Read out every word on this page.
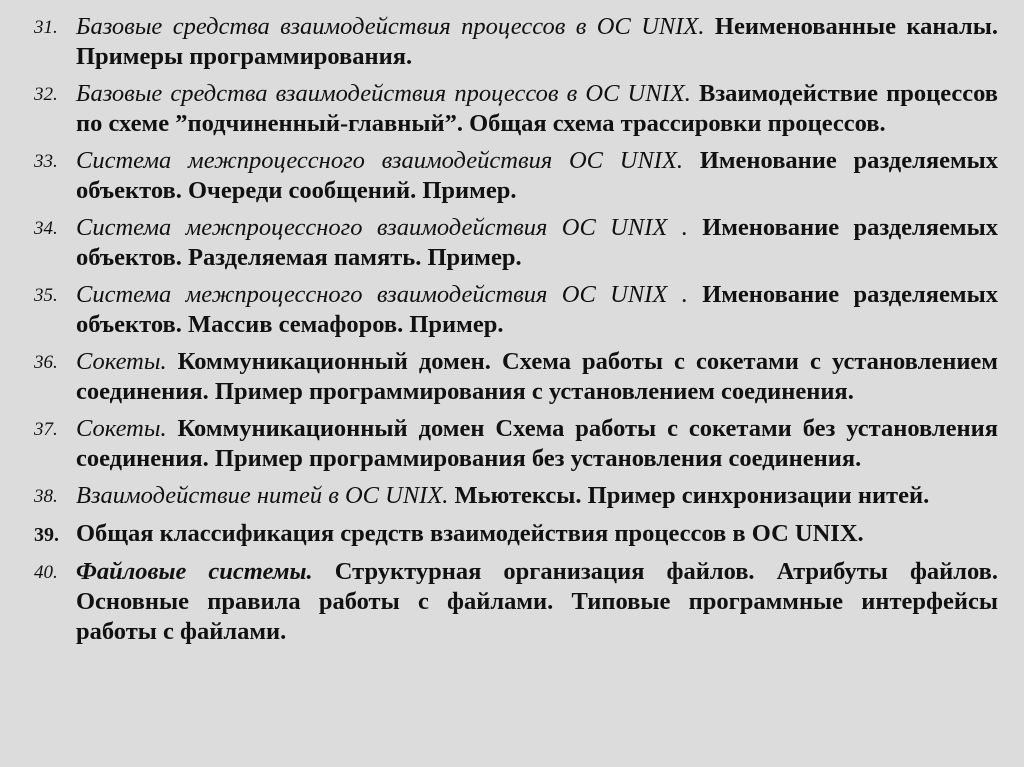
31. Базовые средства взаимодействия процессов в ОС UNIX. Неименованные каналы. Примеры программирования.
32. Базовые средства взаимодействия процессов в ОС UNIX. Взаимодействие процессов по схеме ”подчиненный-главный”. Общая схема трассировки процессов.
33. Система межпроцессного взаимодействия ОС UNIX. Именование разделяемых объектов. Очереди сообщений. Пример.
34. Система межпроцессного взаимодействия ОС UNIX . Именование разделяемых объектов. Разделяемая память. Пример.
35. Система межпроцессного взаимодействия ОС UNIX . Именование разделяемых объектов. Массив семафоров. Пример.
36. Сокеты. Коммуникационный домен. Схема работы с сокетами с установлением соединения. Пример программирования с установлением соединения.
37. Сокеты. Коммуникационный домен Схема работы с сокетами без установления соединения. Пример программирования без установления соединения.
38. Взаимодействие нитей в ОС UNIX. Мьютексы. Пример синхронизации нитей.
39. Общая классификация средств взаимодействия процессов в ОС UNIX.
40. Файловые системы. Структурная организация файлов. Атрибуты файлов. Основные правила работы с файлами. Типовые программные интерфейсы работы с файлами.
